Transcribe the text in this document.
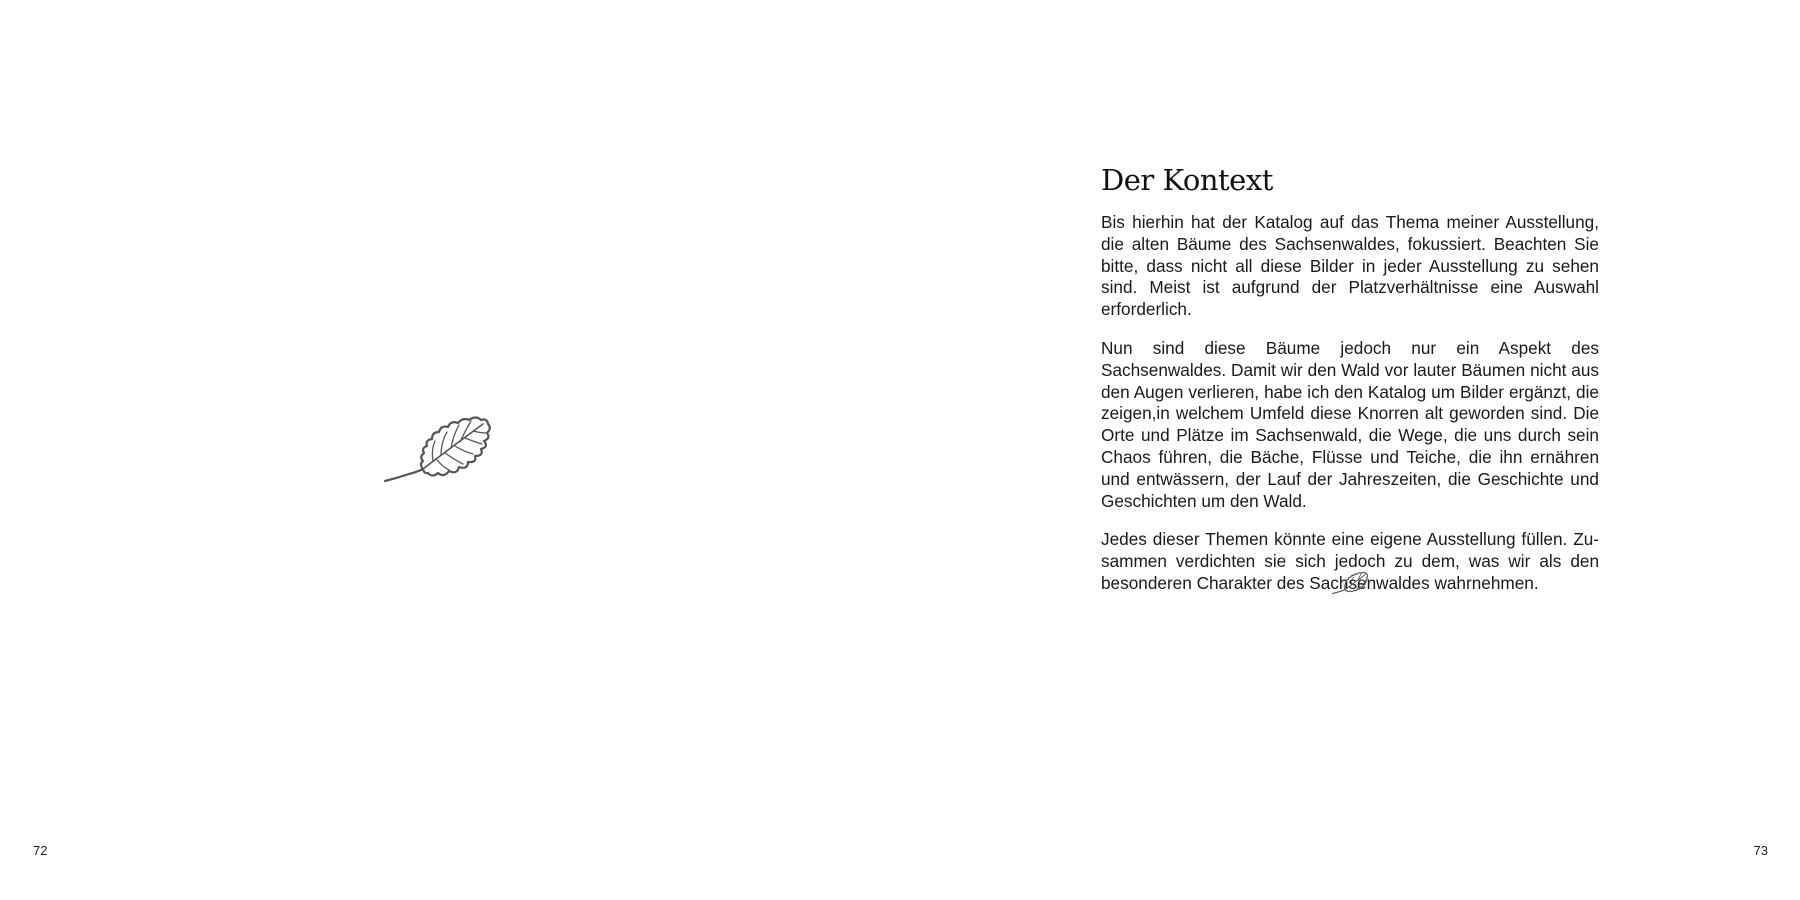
72
Der Kontext

Bis hierhin hat der Katalog auf das Thema meiner Ausstellung, die alten Bäume des Sachsenwaldes, fokussiert. Beachten Sie bitte, dass nicht all diese Bilder in jeder Ausstellung zu sehen sind. Meist ist aufgrund der Platzverhältnisse eine Auswahl erforderlich.

Nun sind diese Bäume jedoch nur ein Aspekt des Sachsenwaldes. Damit wir den Wald vor lauter Bäumen nicht aus den Augen verlieren, habe ich den Katalog um Bilder ergänzt, die zeigen,in welchem Umfeld diese Knorren alt geworden sind. Die Orte und Plätze im Sachsenwald, die Wege, die uns durch sein Chaos führen, die Bäche, Flüsse und Teiche, die ihn ernähren und entwässern, der Lauf der Jahreszeiten, die Geschichte und Geschichten um den Wald.

Jedes dieser Themen könnte eine eigene Ausstellung füllen. Zusammen verdichten sie sich jedoch zu dem, was wir als den besonderen Charakter des Sachsenwaldes wahrnehmen.

73
